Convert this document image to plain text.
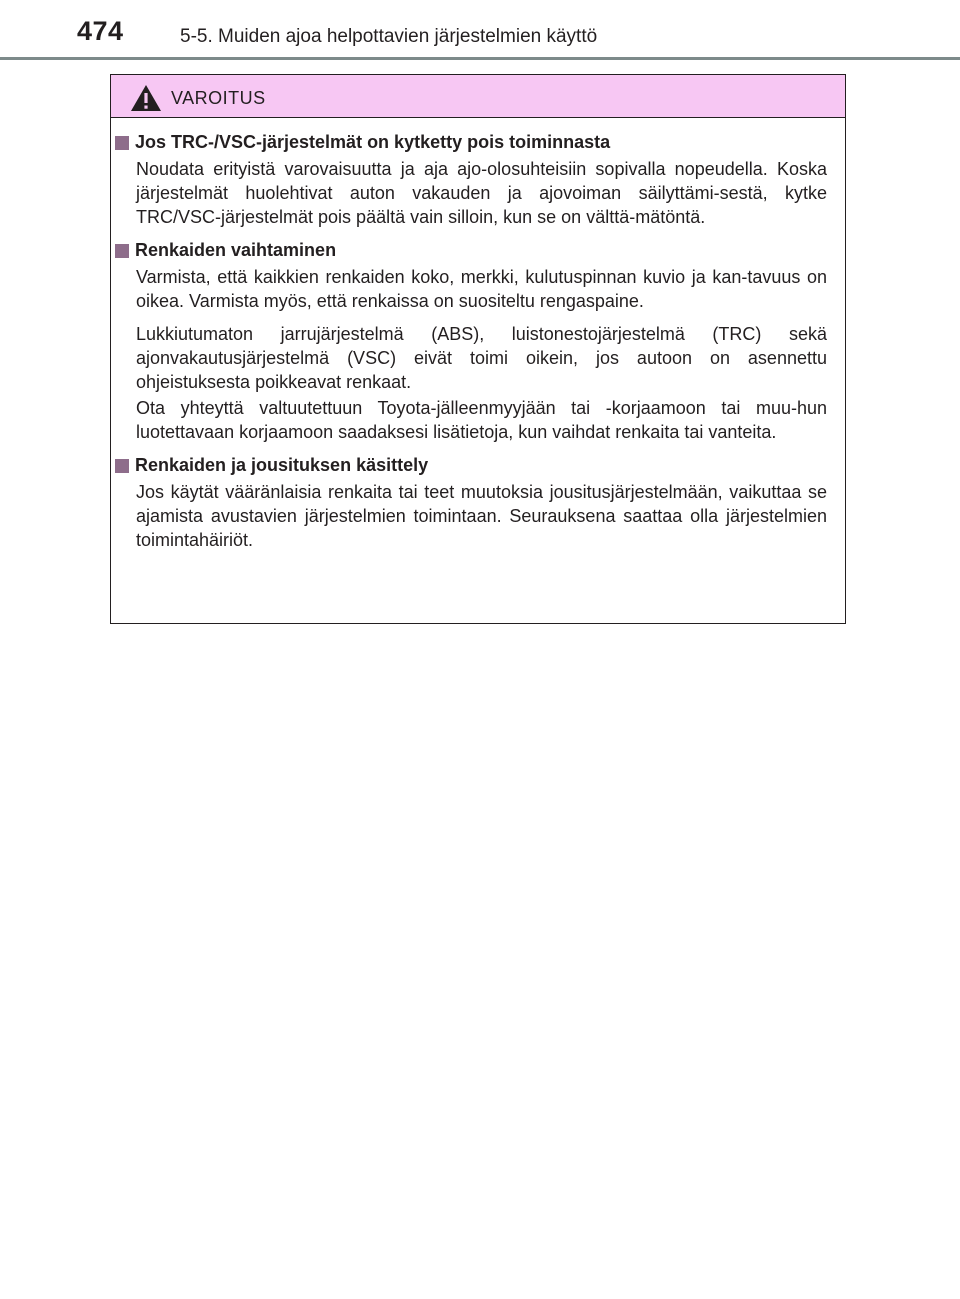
474	5-5. Muiden ajoa helpottavien järjestelmien käyttö
VAROITUS
Jos TRC-/VSC-järjestelmät on kytketty pois toiminnasta

Noudata erityistä varovaisuutta ja aja ajo-olosuhteisiin sopivalla nopeudella. Koska järjestelmät huolehtivat auton vakauden ja ajovoiman säilyttämi-sestä, kytke TRC/VSC-järjestelmät pois päältä vain silloin, kun se on välttä-mätöntä.

Renkaiden vaihtaminen

Varmista, että kaikkien renkaiden koko, merkki, kulutuspinnan kuvio ja kan-tavuus on oikea. Varmista myös, että renkaissa on suositeltu rengaspaine.

Lukkiutumaton jarrujärjestelmä (ABS), luistonestojärjestelmä (TRC) sekä ajonvakautusjärjestelmä (VSC) eivät toimi oikein, jos autoon on asennettu ohjeistuksesta poikkeavat renkaat.

Ota yhteyttä valtuutettuun Toyota-jälleenmyyjään tai -korjaamoon tai muu-hun luotettavaan korjaamoon saadaksesi lisätietoja, kun vaihdat renkaita tai vanteita.

Renkaiden ja jousituksen käsittely

Jos käytät vääränlaisia renkaita tai teet muutoksia jousitusjärjestelmään, vaikuttaa se ajamista avustavien järjestelmien toimintaan. Seurauksena saattaa olla järjestelmien toimintahäiriöt.
